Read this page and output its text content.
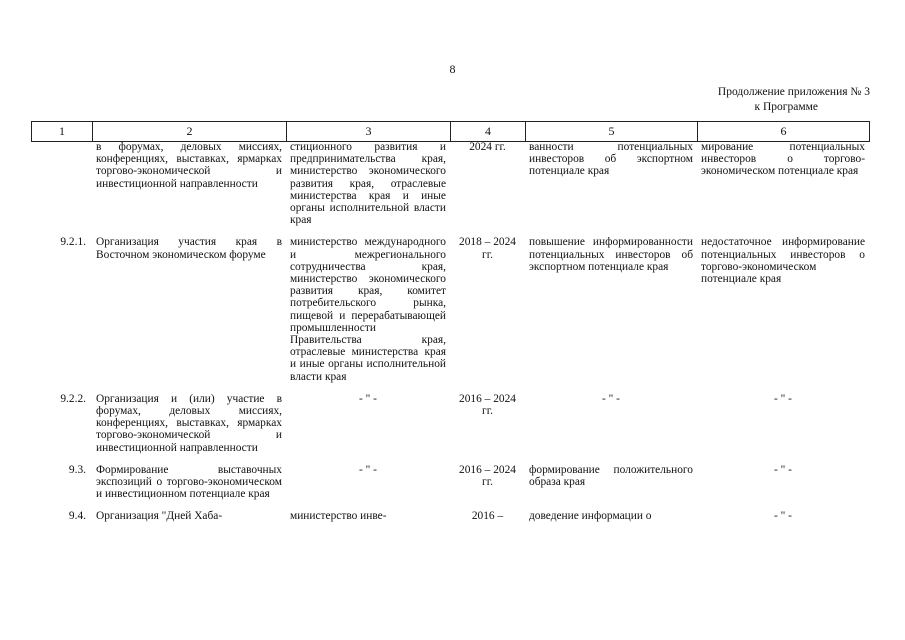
8
Продолжение приложения № 3
к Программе
1	2	3	4	5	6
	в форумах, деловых миссиях, конференциях, выставках, ярмарках торгово-экономической и инвестиционной направленности	стиционного развития и предпринимательства края, министерство экономического развития края, отраслевые министерства края и иные органы исполнительной власти края	2024 гг.	ванности потенциальных инвесторов об экспортном потенциале края	мирование потенциальных инвесторов о торгово-экономическом потенциале края
9.2.1.	Организация участия края в Восточном экономическом форуме	министерство международного и межрегионального сотрудничества края, министерство экономического развития края, комитет потребительского рынка, пищевой и перерабатывающей промышленности Правительства края, отраслевые министерства края и иные органы исполнительной власти края	2018 – 2024 гг.	повышение информированности потенциальных инвесторов об экспортном потенциале края	недостаточное информирование потенциальных инвесторов о торгово-экономическом потенциале края
9.2.2.	Организация и (или) участие в форумах, деловых миссиях, конференциях, выставках, ярмарках торгово-экономической и инвестиционной направленности	- " -	2016 – 2024 гг.	- " -	- " -
9.3.	Формирование выставочных экспозиций о торгово-экономическом и инвестиционном потенциале края	- " -	2016 – 2024 гг.	формирование положительного образа края	- " -
9.4.	Организация "Дней Хаба-	министерство инве-	2016 –	доведение информации о	- " -
